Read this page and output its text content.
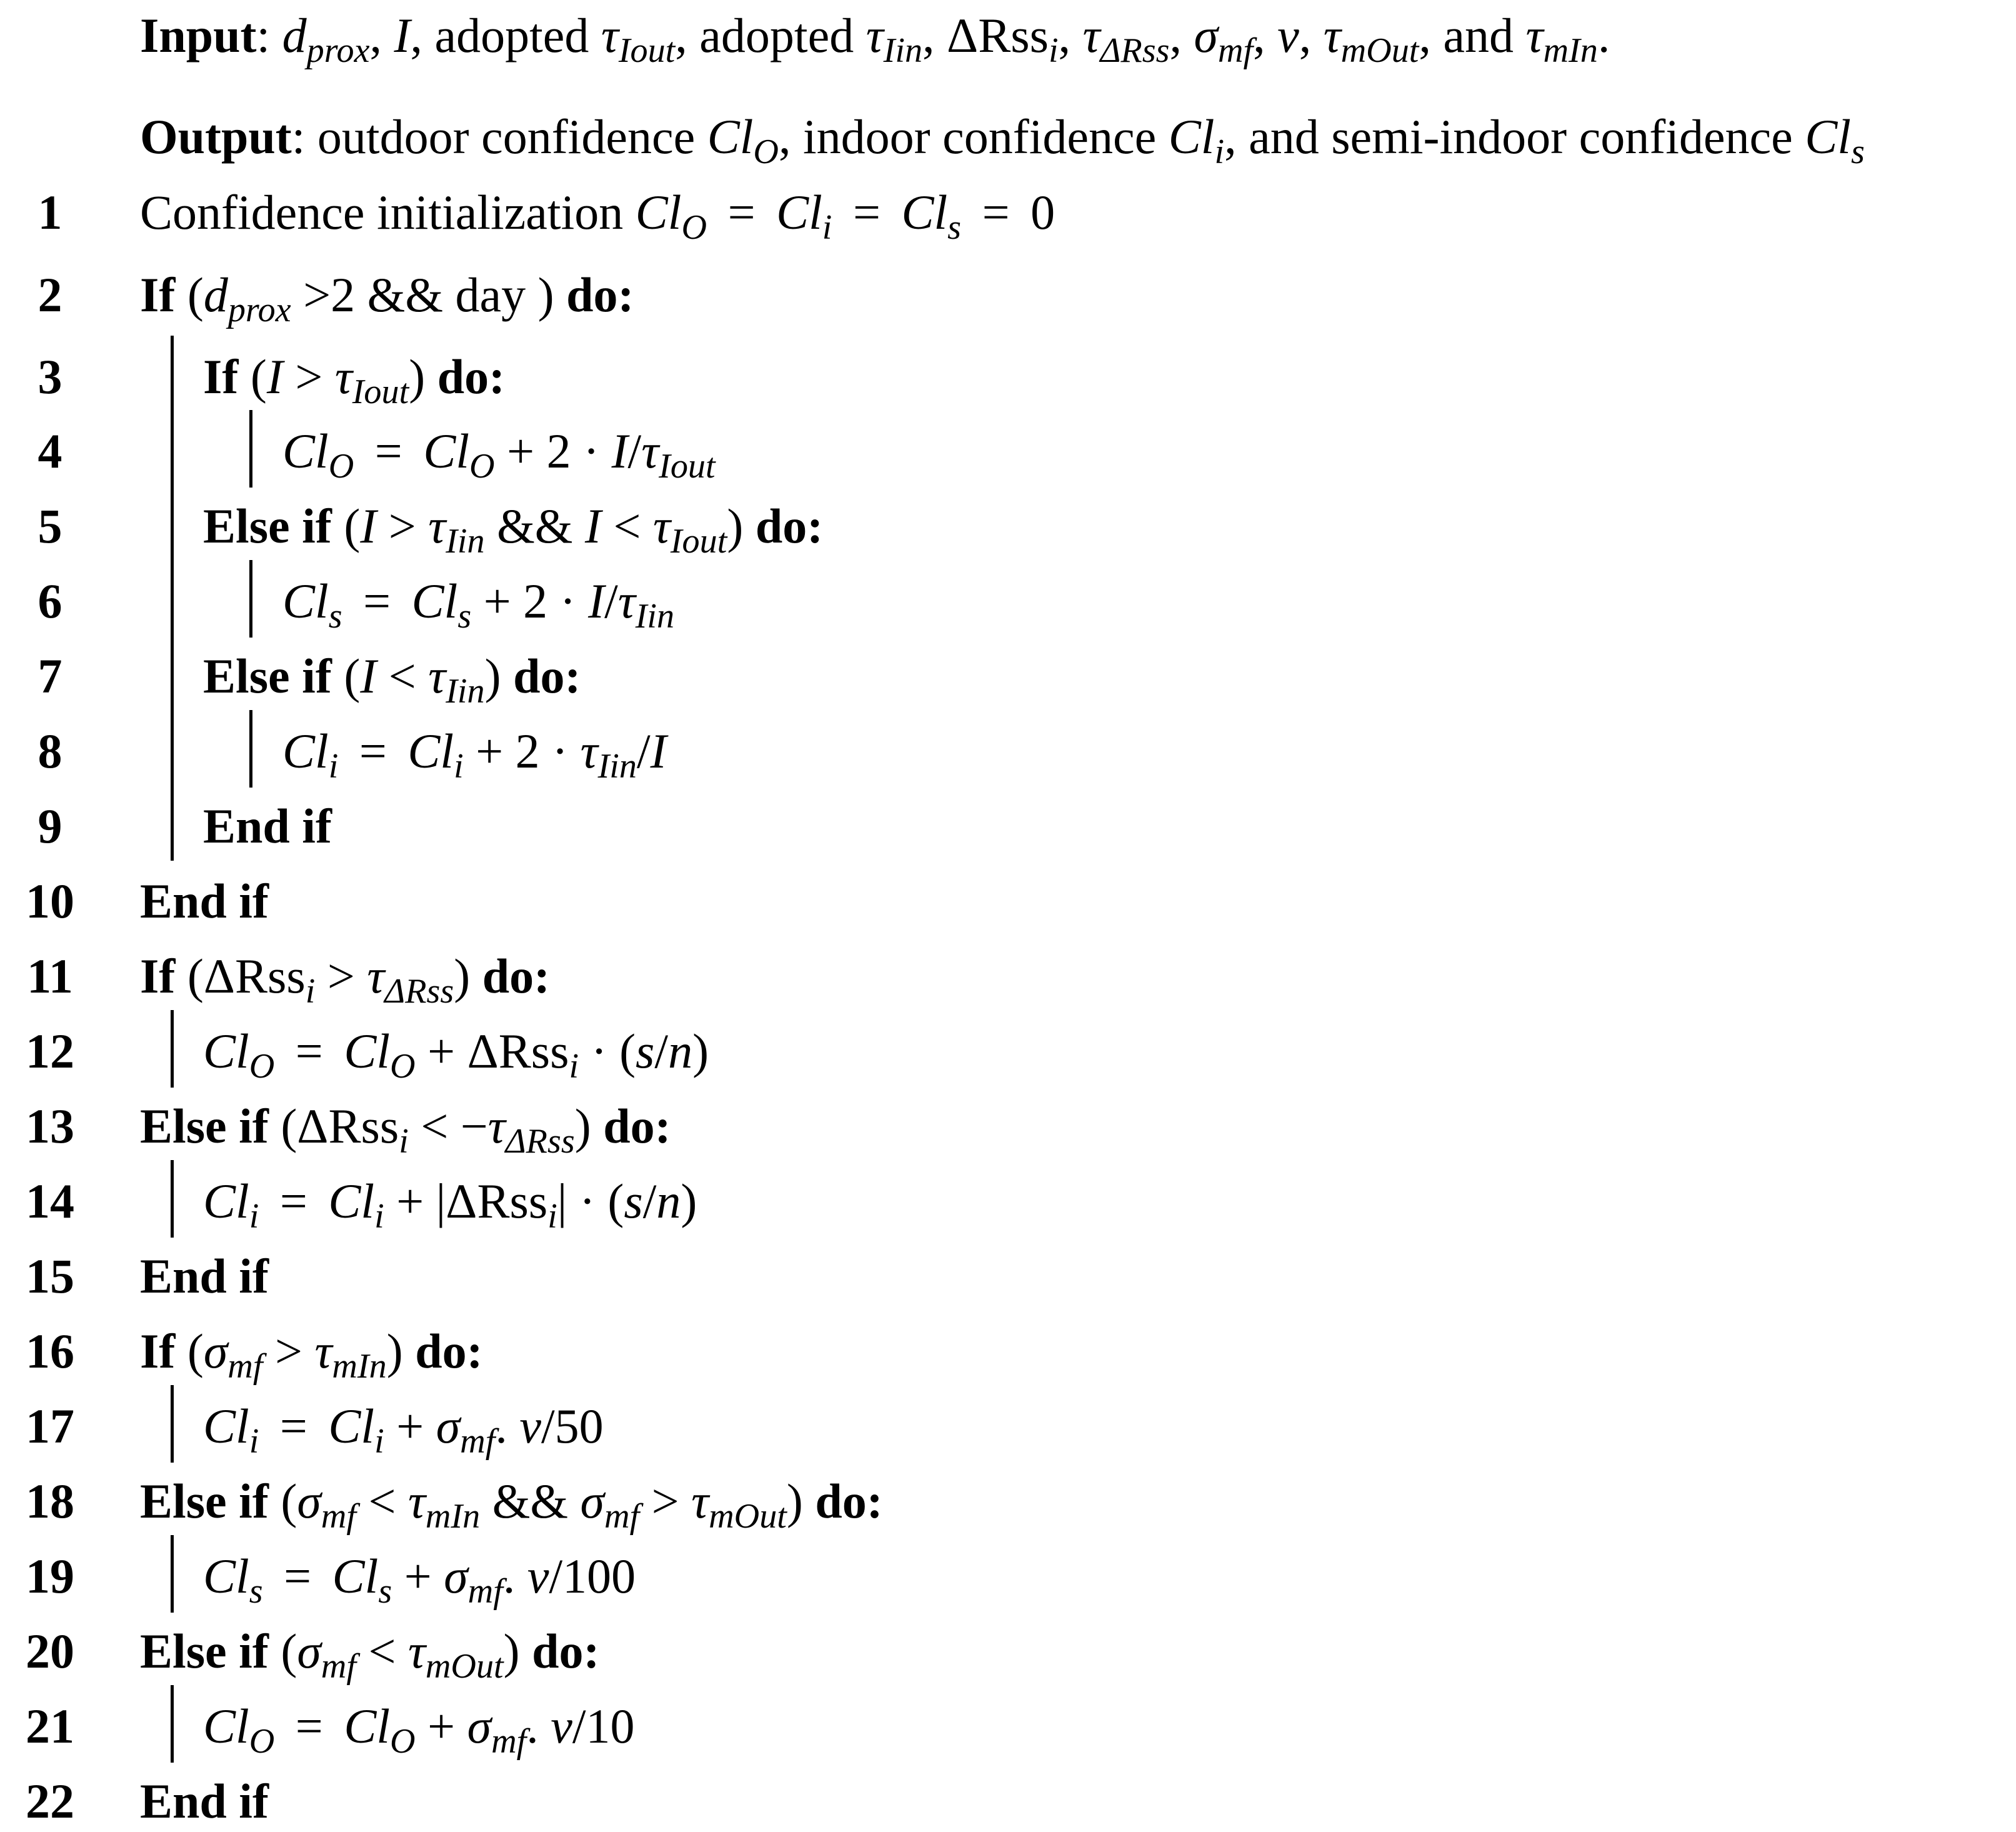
Input: $d_{prox}$, I, adopted $\tau_{Iout}$, adopted $\tau_{Iin}$, ΔRss$_i$, $\tau_{\Delta Rss}$, $\sigma_{mf}$, v, $\tau_{mOut}$, and $\tau_{mIn}$.
Output: outdoor confidence $Cl_O$, indoor confidence $Cl_i$, and semi-indoor confidence $Cl_s$
1	Confidence initialization $Cl_O = Cl_i = Cl_s = 0$
2	If ($d_{prox} >2$ && day ) do:
3	If $(I > \tau_{Iout})$ do:
4	$Cl_O = Cl_O + 2 \cdot I/\tau_{Iout}$
5	Else if ($I > \tau_{Iin}$ && $I < \tau_{Iout}$) do:
6	$Cl_s = Cl_s + 2 \cdot I/\tau_{Iin}$
7	Else if $(I < \tau_{Iin})$ do:
8	$Cl_i = Cl_i + 2 \cdot \tau_{Iin}/I$
9	End if
10 End if
11 If $(\Delta Rss_i > \tau_{\Delta Rss})$ do:
12	$Cl_O = Cl_O + \Delta Rss_i \cdot (s/n)$
13 Else if $(\Delta Rss_i < -\tau_{\Delta Rss})$ do:
14	$Cl_i = Cl_i + |\Delta Rss_i| \cdot (s/n)$
15 End if
16 If $(\sigma_{mf} > \tau_{mIn})$ do:
17	$Cl_i = Cl_i + \sigma_{mf}$. v/50
18 Else if ($\sigma_{mf} < \tau_{mIn}$ && $\sigma_{mf} > \tau_{mOut}$) do:
19	$Cl_s = Cl_s + \sigma_{mf}$. v/100
20 Else if $(\sigma_{mf} < \tau_{mOut})$ do:
21	$Cl_O = Cl_O + \sigma_{mf}$. v/10
22 End if
